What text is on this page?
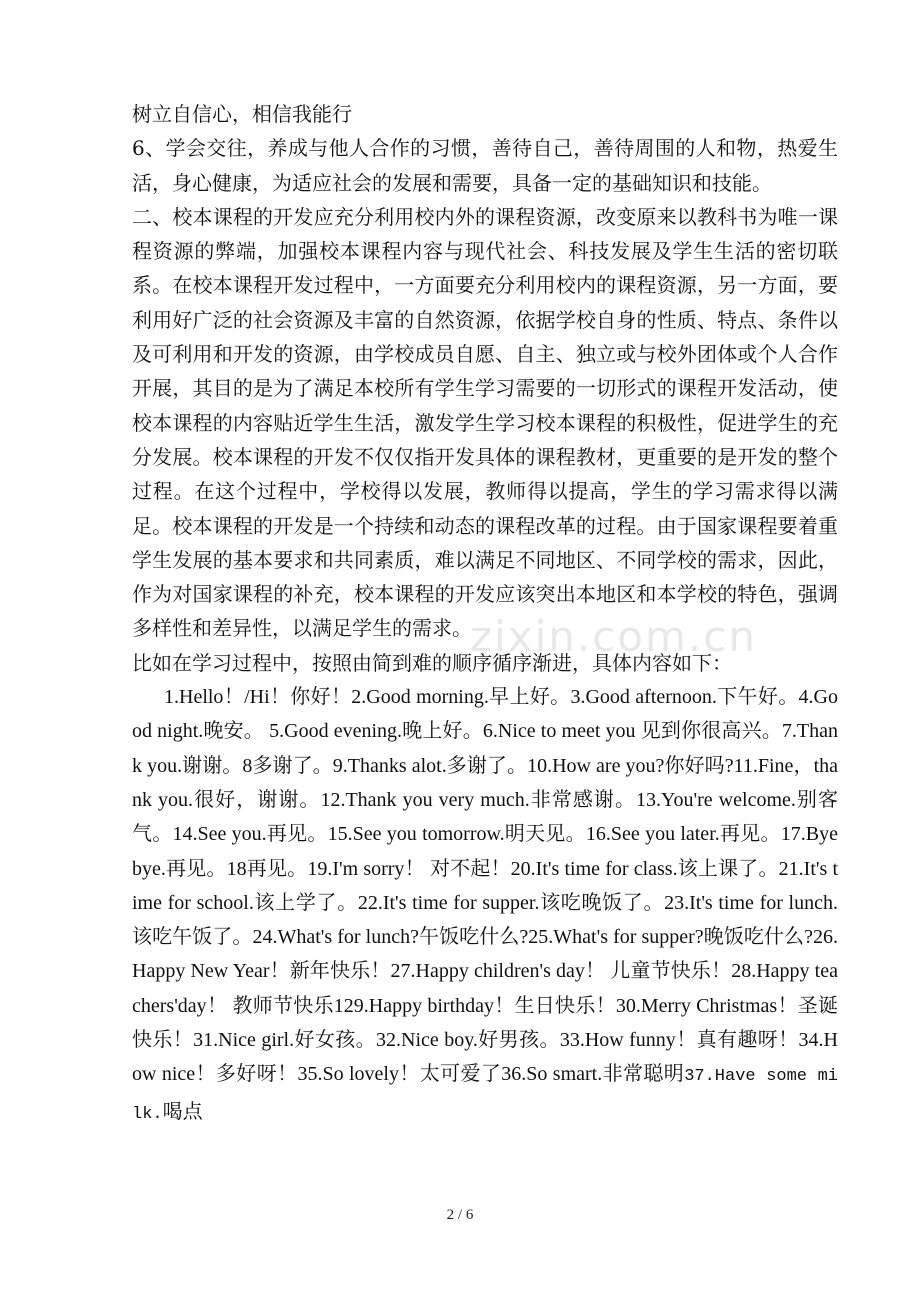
树立自信心，相信我能行

6、学会交往，养成与他人合作的习惯，善待自己，善待周围的人和物，热爱生活，身心健康，为适应社会的发展和需要，具备一定的基础知识和技能。

二、校本课程的开发应充分利用校内外的课程资源，改变原来以教科书为唯一课程资源的弊端，加强校本课程内容与现代社会、科技发展及学生生活的密切联系。在校本课程开发过程中，一方面要充分利用校内的课程资源，另一方面，要利用好广泛的社会资源及丰富的自然资源，依据学校自身的性质、特点、条件以及可利用和开发的资源，由学校成员自愿、自主、独立或与校外团体或个人合作开展，其目的是为了满足本校所有学生学习需要的一切形式的课程开发活动，使校本课程的内容贴近学生生活，激发学生学习校本课程的积极性，促进学生的充分发展。校本课程的开发不仅仅指开发具体的课程教材，更重要的是开发的整个过程。在这个过程中，学校得以发展，教师得以提高，学生的学习需求得以满足。校本课程的开发是一个持续和动态的课程改革的过程。由于国家课程要着重学生发展的基本要求和共同素质，难以满足不同地区、不同学校的需求，因此，作为对国家课程的补充，校本课程的开发应该突出本地区和本学校的特色，强调多样性和差异性，以满足学生的需求。

比如在学习过程中，按照由简到难的顺序循序渐进，具体内容如下：

1.Hello！/Hi！你好！2.Good morning.早上好。3.Good afternoon.下午好。4.Good night.晚安。 5.Good evening.晚上好。6.Nice to meet you 见到你很高兴。7.Thank you.谢谢。8多谢了。9.Thanks alot.多谢了。10.How are you?你好吗?11.Fine，thank you.很好，谢谢。12.Thank you very much.非常感谢。13.You're welcome.别客气。14.See you.再见。15.See you tomorrow.明天见。16.See you later.再见。17.Bye bye.再见。18再见。19.I'm sorry！ 对不起！20.It's time for class.该上课了。21.It's time for school.该上学了。22.It's time for supper.该吃晚饭了。23.It's time for lunch.该吃午饭了。24.What's for lunch?午饭吃什么?25.What's for supper?晚饭吃什么?26.Happy New Year！新年快乐！27.Happy children's day！ 儿童节快乐！28.Happy teachers'day！ 教师节快乐129.Happy birthday！生日快乐！30.Merry Christmas！圣诞快乐！31.Nice girl.好女孩。32.Nice boy.好男孩。33.How funny！真有趣呀！34.How nice！多好呀！35.So lovely！太可爱了36.So smart.非常聪明37.Have some milk.喝点

zixin.com.cn
2 / 6
